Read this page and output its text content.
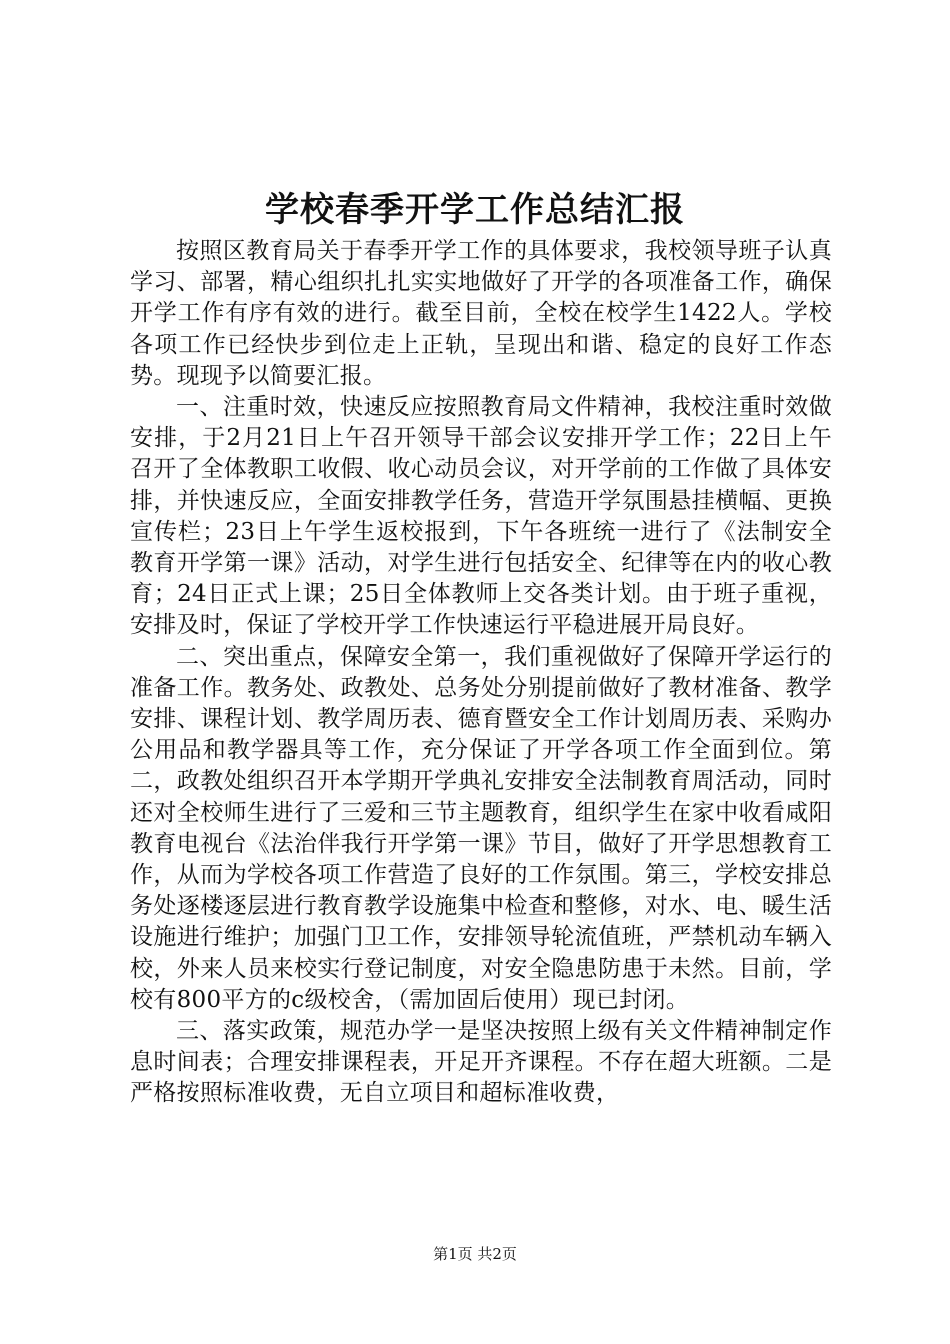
学校春季开学工作总结汇报

按照区教育局关于春季开学工作的具体要求，我校领导班子认真学习、部署，精心组织扎扎实实地做好了开学的各项准备工作，确保开学工作有序有效的进行。截至目前，全校在校学生1422人。学校各项工作已经快步到位走上正轨，呈现出和谐、稳定的良好工作态势。现现予以简要汇报。

一、注重时效，快速反应按照教育局文件精神，我校注重时效做安排，于2月21日上午召开领导干部会议安排开学工作；22日上午召开了全体教职工收假、收心动员会议，对开学前的工作做了具体安排，并快速反应，全面安排教学任务，营造开学氛围悬挂横幅、更换宣传栏；23日上午学生返校报到，下午各班统一进行了《法制安全教育开学第一课》活动，对学生进行包括安全、纪律等在内的收心教育；24日正式上课；25日全体教师上交各类计划。由于班子重视，安排及时，保证了学校开学工作快速运行平稳进展开局良好。

二、突出重点，保障安全第一，我们重视做好了保障开学运行的准备工作。教务处、政教处、总务处分别提前做好了教材准备、教学安排、课程计划、教学周历表、德育暨安全工作计划周历表、采购办公用品和教学器具等工作，充分保证了开学各项工作全面到位。第二，政教处组织召开本学期开学典礼安排安全法制教育周活动，同时还对全校师生进行了三爱和三节主题教育，组织学生在家中收看咸阳教育电视台《法治伴我行开学第一课》节目，做好了开学思想教育工作，从而为学校各项工作营造了良好的工作氛围。第三，学校安排总务处逐楼逐层进行教育教学设施集中检查和整修，对水、电、暖生活设施进行维护；加强门卫工作，安排领导轮流值班，严禁机动车辆入校，外来人员来校实行登记制度，对安全隐患防患于未然。目前，学校有800平方的c级校舍，（需加固后使用）现已封闭。

三、落实政策，规范办学一是坚决按照上级有关文件精神制定作息时间表；合理安排课程表，开足开齐课程。不存在超大班额。二是严格按照标准收费，无自立项目和超标准收费，

第1页 共2页
